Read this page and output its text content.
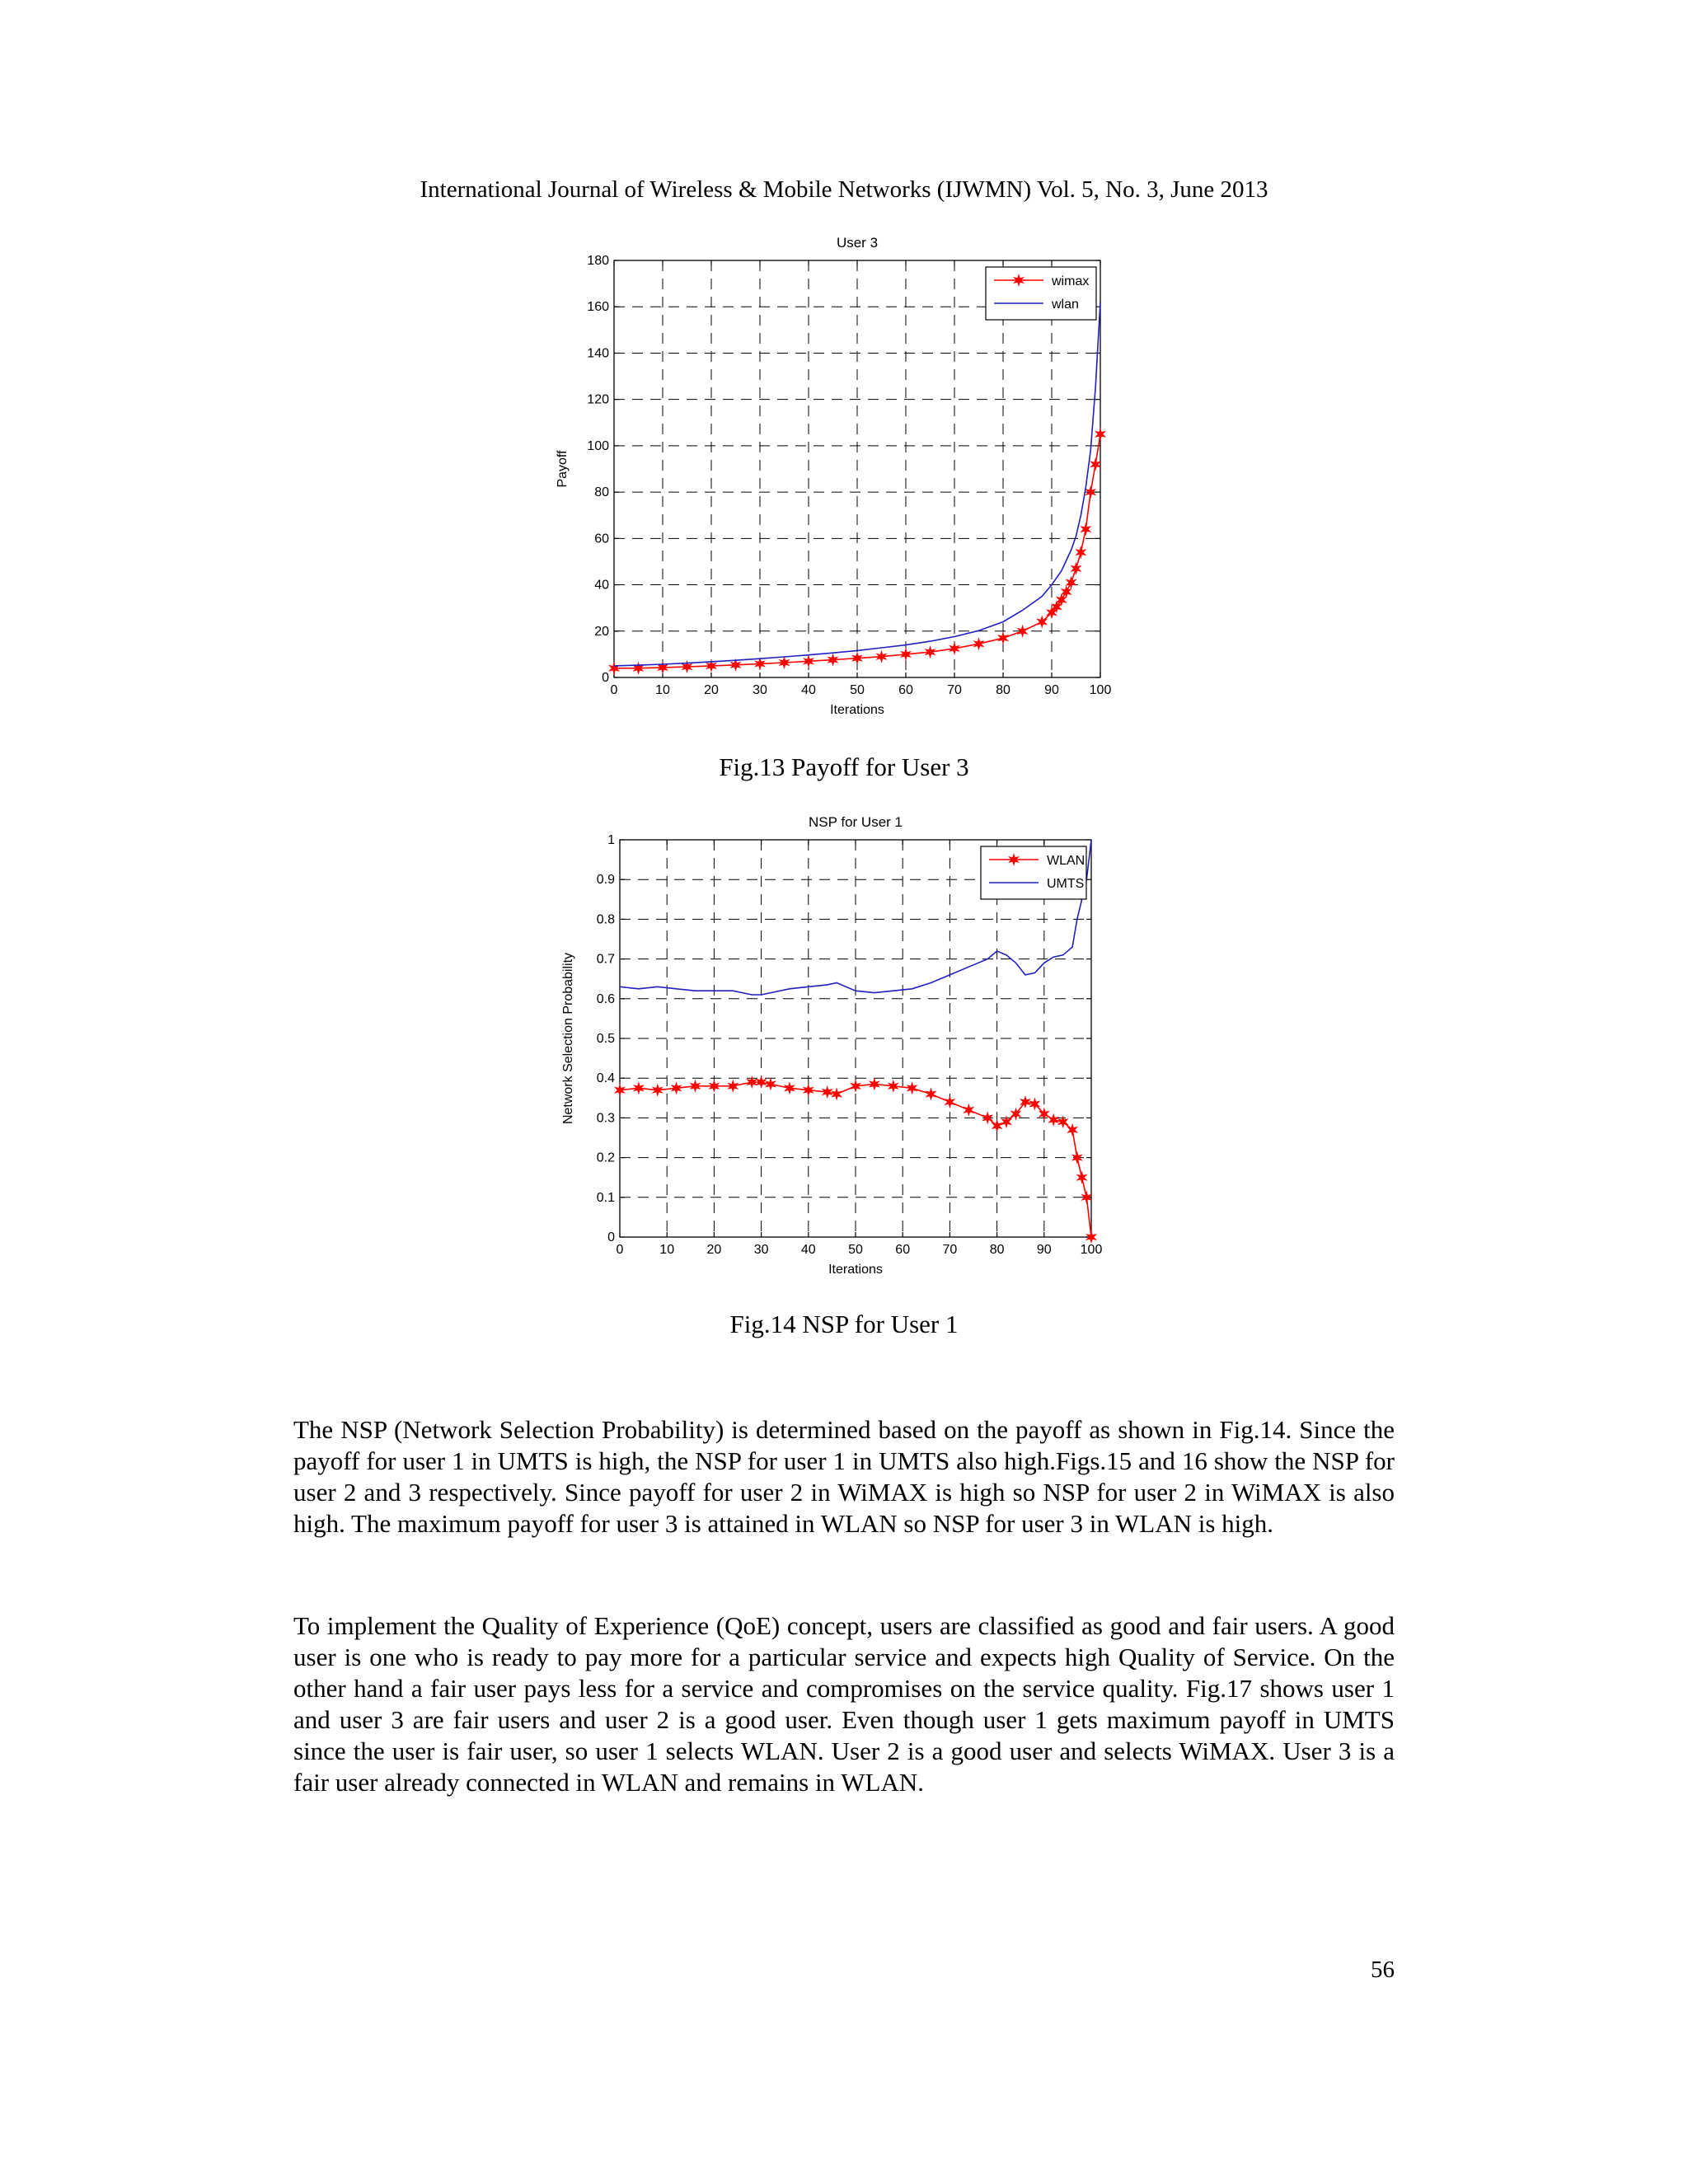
International Journal of Wireless & Mobile Networks (IJWMN) Vol. 5, No. 3, June 2013
User 3
0	10	20	30	40	50	60	70	80	90 100
0
20
40
60
80
100
120
140
160
180
Iterations
Payoff
wimax
wlan
Fig.13 Payoff for User 3
NSP for User 1
0	10 20 30 40 50 60 70 80 90 100
0
0.1
0.2
0.3
0.4
0.5
0.6
0.7
0.8
0.9
1
Iterations
Network Selection Probability
WLAN
UMTS
Fig.14 NSP for User 1

The NSP (Network Selection Probability) is determined based on the payoff as shown in Fig.14. Since the payoff for user 1 in UMTS is high, the NSP for user 1 in UMTS also high.Figs.15 and 16 show the NSP for user 2 and 3 respectively. Since payoff for user 2 in WiMAX is high so NSP for user 2 in WiMAX is also high. The maximum payoff for user 3 is attained in WLAN so NSP for user 3 in WLAN is high.

To implement the Quality of Experience (QoE) concept, users are classified as good and fair users. A good user is one who is ready to pay more for a particular service and expects high Quality of Service. On the other hand a fair user pays less for a service and compromises on the service quality. Fig.17 shows user 1 and user 3 are fair users and user 2 is a good user. Even though user 1 gets maximum payoff in UMTS since the user is fair user, so user 1 selects WLAN. User 2 is a good user and selects WiMAX. User 3 is a fair user already connected in WLAN and remains in WLAN.

56
